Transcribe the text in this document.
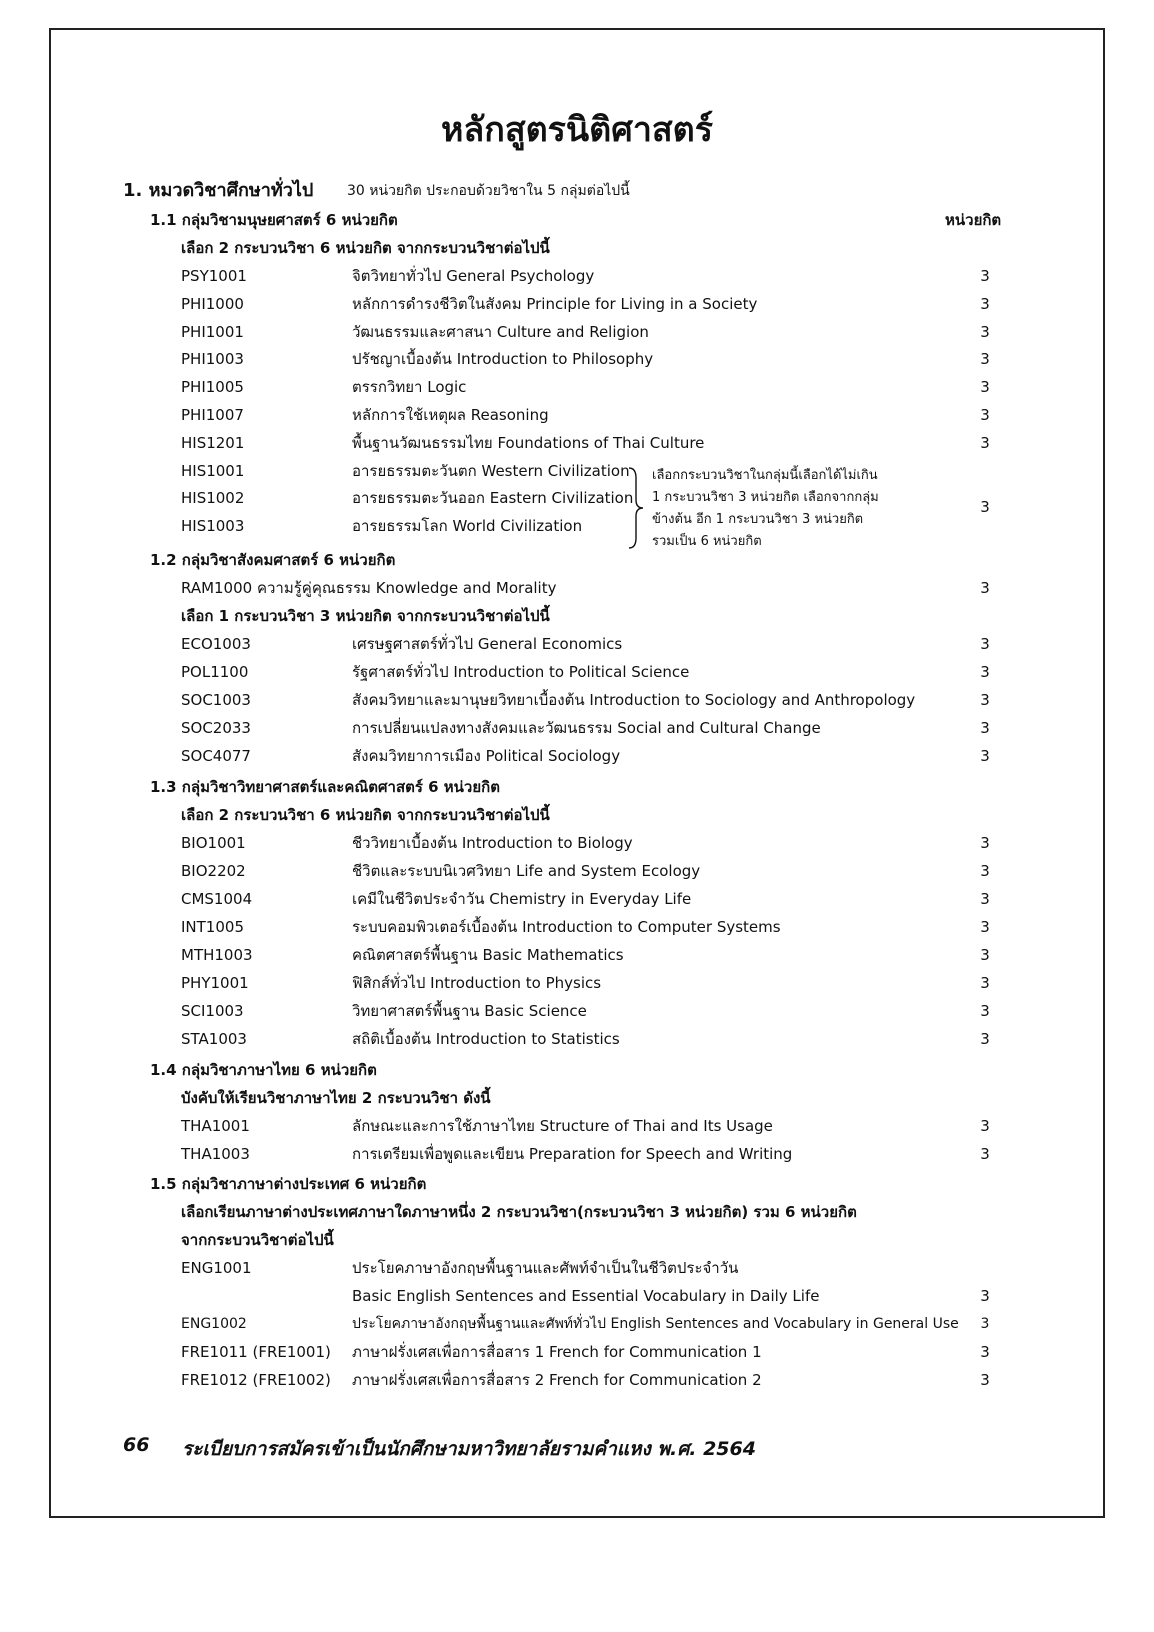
หลักสูตรนิติศาสตร์
1. หมวดวิชาศึกษาทั่วไป 30 หน่วยกิต ประกอบด้วยวิชาใน 5 กลุ่มต่อไปนี้
1.1 กลุ่มวิชามนุษยศาสตร์ 6 หน่วยกิต	หน่วยกิต
เลือก 2 กระบวนวิชา 6 หน่วยกิต จากกระบวนวิชาต่อไปนี้
PSY1001	จิตวิทยาทั่วไป General Psychology	3
PHI1000	หลักการดำรงชีวิตในสังคม Principle for Living in a Society	3
PHI1001	วัฒนธรรมและศาสนา Culture and Religion	3
PHI1003	ปรัชญาเบื้องต้น Introduction to Philosophy	3
PHI1005	ตรรกวิทยา Logic	3
PHI1007	หลักการใช้เหตุผล Reasoning	3
HIS1201	พื้นฐานวัฒนธรรมไทย Foundations of Thai Culture	3
HIS1001	อารยธรรมตะวันตก Western Civilization
HIS1002	อารยธรรมตะวันออก Eastern Civilization
HIS1003	อารยธรรมโลก World Civilization
เลือกกระบวนวิชาในกลุ่มนี้เลือกได้ไม่เกิน
1 กระบวนวิชา 3 หน่วยกิต เลือกจากกลุ่ม
ข้างต้น อีก 1 กระบวนวิชา 3 หน่วยกิต
รวมเป็น 6 หน่วยกิต
3
1.2 กลุ่มวิชาสังคมศาสตร์ 6 หน่วยกิต
RAM1000 ความรู้คู่คุณธรรม Knowledge and Morality	3
เลือก 1 กระบวนวิชา 3 หน่วยกิต จากกระบวนวิชาต่อไปนี้
ECO1003	เศรษฐศาสตร์ทั่วไป General Economics	3
POL1100	รัฐศาสตร์ทั่วไป Introduction to Political Science	3
SOC1003	สังคมวิทยาและมานุษยวิทยาเบื้องต้น Introduction to Sociology and Anthropology	3
SOC2033	การเปลี่ยนแปลงทางสังคมและวัฒนธรรม Social and Cultural Change	3
SOC4077	สังคมวิทยาการเมือง Political Sociology	3
1.3 กลุ่มวิชาวิทยาศาสตร์และคณิตศาสตร์ 6 หน่วยกิต
เลือก 2 กระบวนวิชา 6 หน่วยกิต จากกระบวนวิชาต่อไปนี้
BIO1001	ชีววิทยาเบื้องต้น Introduction to Biology	3
BIO2202	ชีวิตและระบบนิเวศวิทยา Life and System Ecology	3
CMS1004	เคมีในชีวิตประจำวัน Chemistry in Everyday Life	3
INT1005	ระบบคอมพิวเตอร์เบื้องต้น Introduction to Computer Systems	3
MTH1003	คณิตศาสตร์พื้นฐาน Basic Mathematics	3
PHY1001	ฟิสิกส์ทั่วไป Introduction to Physics	3
SCI1003	วิทยาศาสตร์พื้นฐาน Basic Science	3
STA1003	สถิติเบื้องต้น Introduction to Statistics	3
1.4 กลุ่มวิชาภาษาไทย 6 หน่วยกิต
บังคับให้เรียนวิชาภาษาไทย 2 กระบวนวิชา ดังนี้
THA1001	ลักษณะและการใช้ภาษาไทย Structure of Thai and Its Usage	3
THA1003	การเตรียมเพื่อพูดและเขียน Preparation for Speech and Writing	3
1.5 กลุ่มวิชาภาษาต่างประเทศ 6 หน่วยกิต
เลือกเรียนภาษาต่างประเทศภาษาใดภาษาหนึ่ง 2 กระบวนวิชา(กระบวนวิชา 3 หน่วยกิต) รวม 6 หน่วยกิต
จากกระบวนวิชาต่อไปนี้
ENG1001	ประโยคภาษาอังกฤษพื้นฐานและศัพท์จำเป็นในชีวิตประจำวัน
Basic English Sentences and Essential Vocabulary in Daily Life	3
ENG1002	ประโยคภาษาอังกฤษพื้นฐานและศัพท์ทั่วไป English Sentences and Vocabulary in General Use	3
FRE1011 (FRE1001) ภาษาฝรั่งเศสเพื่อการสื่อสาร 1 French for Communication 1	3
FRE1012 (FRE1002) ภาษาฝรั่งเศสเพื่อการสื่อสาร 2 French for Communication 2	3
66 ระเบียบการสมัครเข้าเป็นนักศึกษามหาวิทยาลัยรามคำแหง พ.ศ. 2564
